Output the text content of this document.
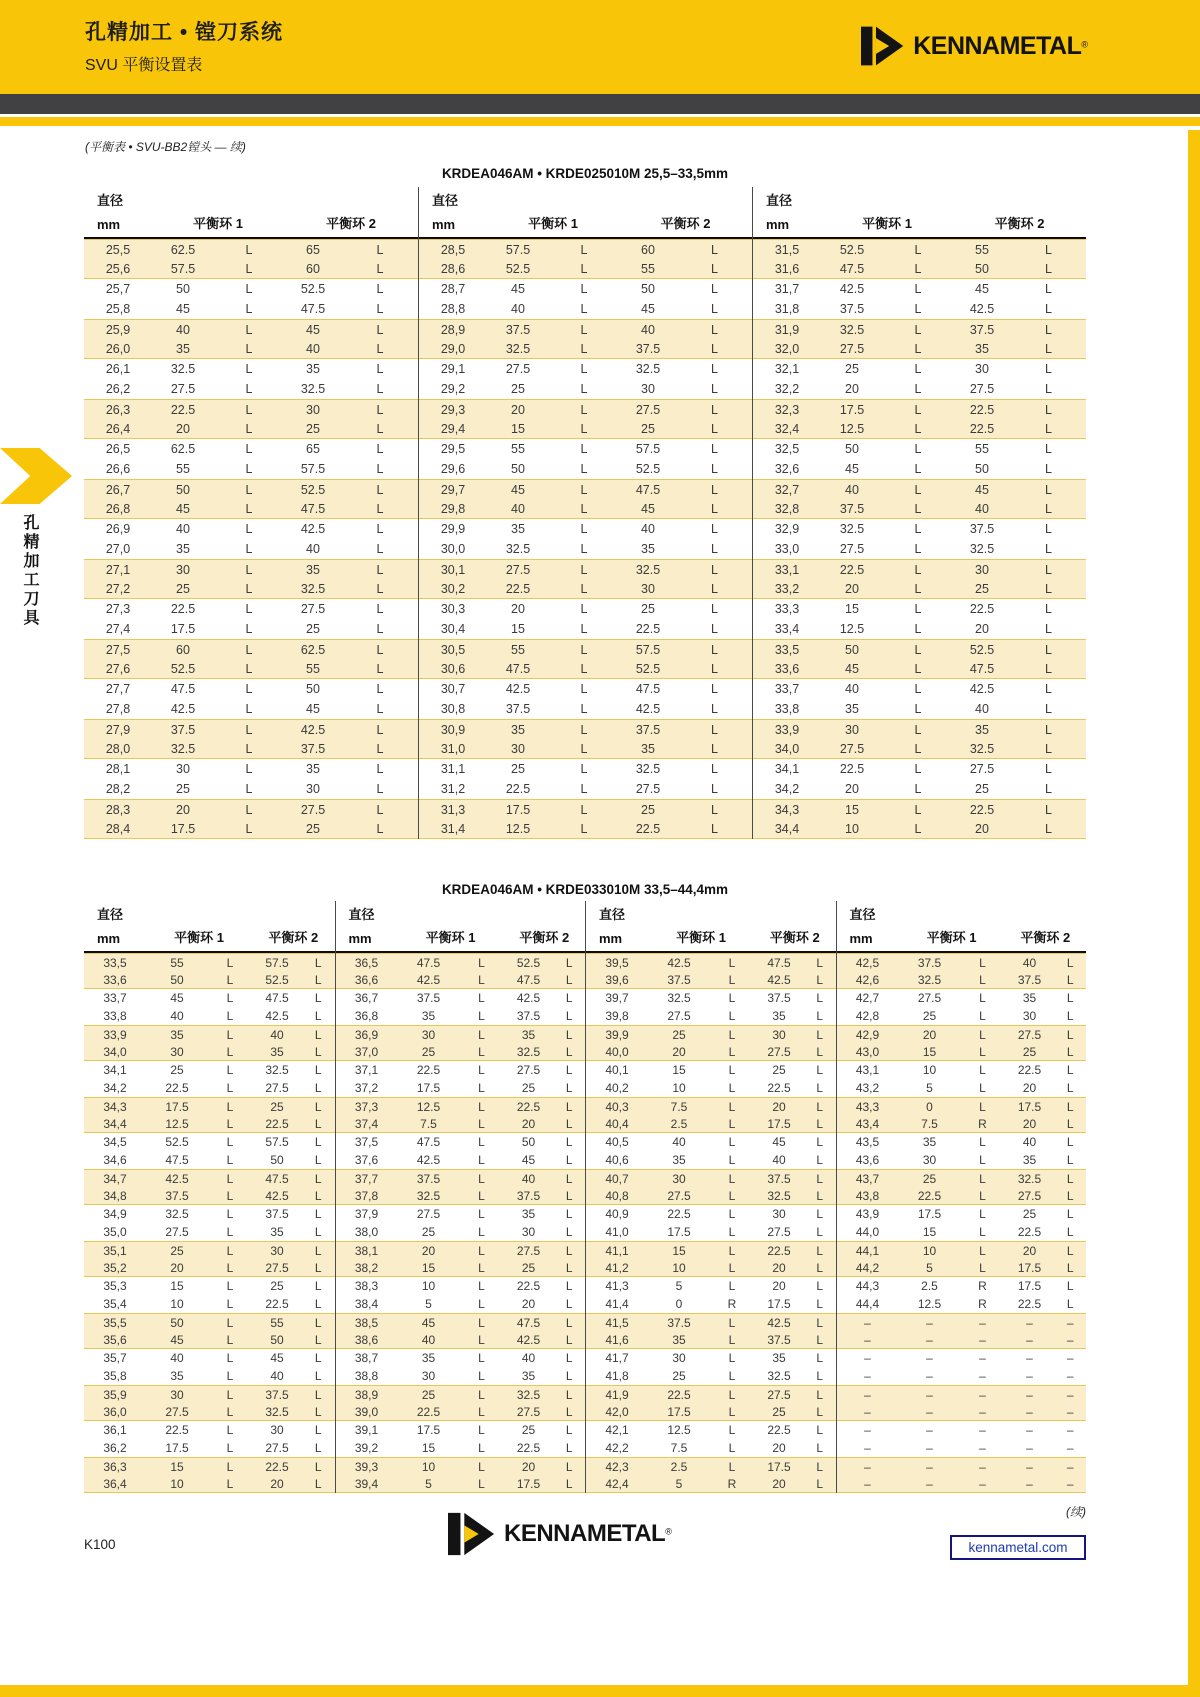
孔精加工 • 镗刀系统
SVU 平衡设置表
KENNAMETAL®
(平衡表 • SVU-BB2镗头 — 续)
孔精加工刀具
KRDEA046AM • KRDE025010M 25,5–33,5mm
直径
mm	平衡环 1	平衡环 2
25,5	62.5	L	65	L
25,6	57.5	L	60	L
25,7	50	L	52.5	L
25,8	45	L	47.5	L
25,9	40	L	45	L
26,0	35	L	40	L
26,1	32.5	L	35	L
26,2	27.5	L	32.5	L
26,3	22.5	L	30	L
26,4	20	L	25	L
26,5	62.5	L	65	L
26,6	55	L	57.5	L
26,7	50	L	52.5	L
26,8	45	L	47.5	L
26,9	40	L	42.5	L
27,0	35	L	40	L
27,1	30	L	35	L
27,2	25	L	32.5	L
27,3	22.5	L	27.5	L
27,4	17.5	L	25	L
27,5	60	L	62.5	L
27,6	52.5	L	55	L
27,7	47.5	L	50	L
27,8	42.5	L	45	L
27,9	37.5	L	42.5	L
28,0	32.5	L	37.5	L
28,1	30	L	35	L
28,2	25	L	30	L
28,3	20	L	27.5	L
28,4	17.5	L	25	L
直径
mm	平衡环 1	平衡环 2
28,5	57.5	L	60	L
28,6	52.5	L	55	L
28,7	45	L	50	L
28,8	40	L	45	L
28,9	37.5	L	40	L
29,0	32.5	L	37.5	L
29,1	27.5	L	32.5	L
29,2	25	L	30	L
29,3	20	L	27.5	L
29,4	15	L	25	L
29,5	55	L	57.5	L
29,6	50	L	52.5	L
29,7	45	L	47.5	L
29,8	40	L	45	L
29,9	35	L	40	L
30,0	32.5	L	35	L
30,1	27.5	L	32.5	L
30,2	22.5	L	30	L
30,3	20	L	25	L
30,4	15	L	22.5	L
30,5	55	L	57.5	L
30,6	47.5	L	52.5	L
30,7	42.5	L	47.5	L
30,8	37.5	L	42.5	L
30,9	35	L	37.5	L
31,0	30	L	35	L
31,1	25	L	32.5	L
31,2	22.5	L	27.5	L
31,3	17.5	L	25	L
31,4	12.5	L	22.5	L
直径
mm	平衡环 1	平衡环 2
31,5	52.5	L	55	L
31,6	47.5	L	50	L
31,7	42.5	L	45	L
31,8	37.5	L	42.5	L
31,9	32.5	L	37.5	L
32,0	27.5	L	35	L
32,1	25	L	30	L
32,2	20	L	27.5	L
32,3	17.5	L	22.5	L
32,4	12.5	L	22.5	L
32,5	50	L	55	L
32,6	45	L	50	L
32,7	40	L	45	L
32,8	37.5	L	40	L
32,9	32.5	L	37.5	L
33,0	27.5	L	32.5	L
33,1	22.5	L	30	L
33,2	20	L	25	L
33,3	15	L	22.5	L
33,4	12.5	L	20	L
33,5	50	L	52.5	L
33,6	45	L	47.5	L
33,7	40	L	42.5	L
33,8	35	L	40	L
33,9	30	L	35	L
34,0	27.5	L	32.5	L
34,1	22.5	L	27.5	L
34,2	20	L	25	L
34,3	15	L	22.5	L
34,4	10	L	20	L
KRDEA046AM • KRDE033010M 33,5–44,4mm
直径
mm	平衡环 1	平衡环 2
33,5	55	L	57.5	L
33,6	50	L	52.5	L
33,7	45	L	47.5	L
33,8	40	L	42.5	L
33,9	35	L	40	L
34,0	30	L	35	L
34,1	25	L	32.5	L
34,2	22.5	L	27.5	L
34,3	17.5	L	25	L
34,4	12.5	L	22.5	L
34,5	52.5	L	57.5	L
34,6	47.5	L	50	L
34,7	42.5	L	47.5	L
34,8	37.5	L	42.5	L
34,9	32.5	L	37.5	L
35,0	27.5	L	35	L
35,1	25	L	30	L
35,2	20	L	27.5	L
35,3	15	L	25	L
35,4	10	L	22.5	L
35,5	50	L	55	L
35,6	45	L	50	L
35,7	40	L	45	L
35,8	35	L	40	L
35,9	30	L	37.5	L
36,0	27.5	L	32.5	L
36,1	22.5	L	30	L
36,2	17.5	L	27.5	L
36,3	15	L	22.5	L
36,4	10	L	20	L
直径
mm	平衡环 1	平衡环 2
36,5	47.5	L	52.5	L
36,6	42.5	L	47.5	L
36,7	37.5	L	42.5	L
36,8	35	L	37.5	L
36,9	30	L	35	L
37,0	25	L	32.5	L
37,1	22.5	L	27.5	L
37,2	17.5	L	25	L
37,3	12.5	L	22.5	L
37,4	7.5	L	20	L
37,5	47.5	L	50	L
37,6	42.5	L	45	L
37,7	37.5	L	40	L
37,8	32.5	L	37.5	L
37,9	27.5	L	35	L
38,0	25	L	30	L
38,1	20	L	27.5	L
38,2	15	L	25	L
38,3	10	L	22.5	L
38,4	5	L	20	L
38,5	45	L	47.5	L
38,6	40	L	42.5	L
38,7	35	L	40	L
38,8	30	L	35	L
38,9	25	L	32.5	L
39,0	22.5	L	27.5	L
39,1	17.5	L	25	L
39,2	15	L	22.5	L
39,3	10	L	20	L
39,4	5	L	17.5	L
直径
mm	平衡环 1	平衡环 2
39,5	42.5	L	47.5	L
39,6	37.5	L	42.5	L
39,7	32.5	L	37.5	L
39,8	27.5	L	35	L
39,9	25	L	30	L
40,0	20	L	27.5	L
40,1	15	L	25	L
40,2	10	L	22.5	L
40,3	7.5	L	20	L
40,4	2.5	L	17.5	L
40,5	40	L	45	L
40,6	35	L	40	L
40,7	30	L	37.5	L
40,8	27.5	L	32.5	L
40,9	22.5	L	30	L
41,0	17.5	L	27.5	L
41,1	15	L	22.5	L
41,2	10	L	20	L
41,3	5	L	20	L
41,4	0	R	17.5	L
41,5	37.5	L	42.5	L
41,6	35	L	37.5	L
41,7	30	L	35	L
41,8	25	L	32.5	L
41,9	22.5	L	27.5	L
42,0	17.5	L	25	L
42,1	12.5	L	22.5	L
42,2	7.5	L	20	L
42,3	2.5	L	17.5	L
42,4	5	R	20	L
直径
mm	平衡环 1	平衡环 2
42,5	37.5	L	40	L
42,6	32.5	L	37.5	L
42,7	27.5	L	35	L
42,8	25	L	30	L
42,9	20	L	27.5	L
43,0	15	L	25	L
43,1	10	L	22.5	L
43,2	5	L	20	L
43,3	0	L	17.5	L
43,4	7.5	R	20	L
43,5	35	L	40	L
43,6	30	L	35	L
43,7	25	L	32.5	L
43,8	22.5	L	27.5	L
43,9	17.5	L	25	L
44,0	15	L	22.5	L
44,1	10	L	20	L
44,2	5	L	17.5	L
44,3	2.5	R	17.5	L
44,4	12.5	R	22.5	L
–	–	–	–	–
–	–	–	–	–
–	–	–	–	–
–	–	–	–	–
–	–	–	–	–
–	–	–	–	–
–	–	–	–	–
–	–	–	–	–
–	–	–	–	–
–	–	–	–	–
(续)
K100	KENNAMETAL®
kennametal.com
